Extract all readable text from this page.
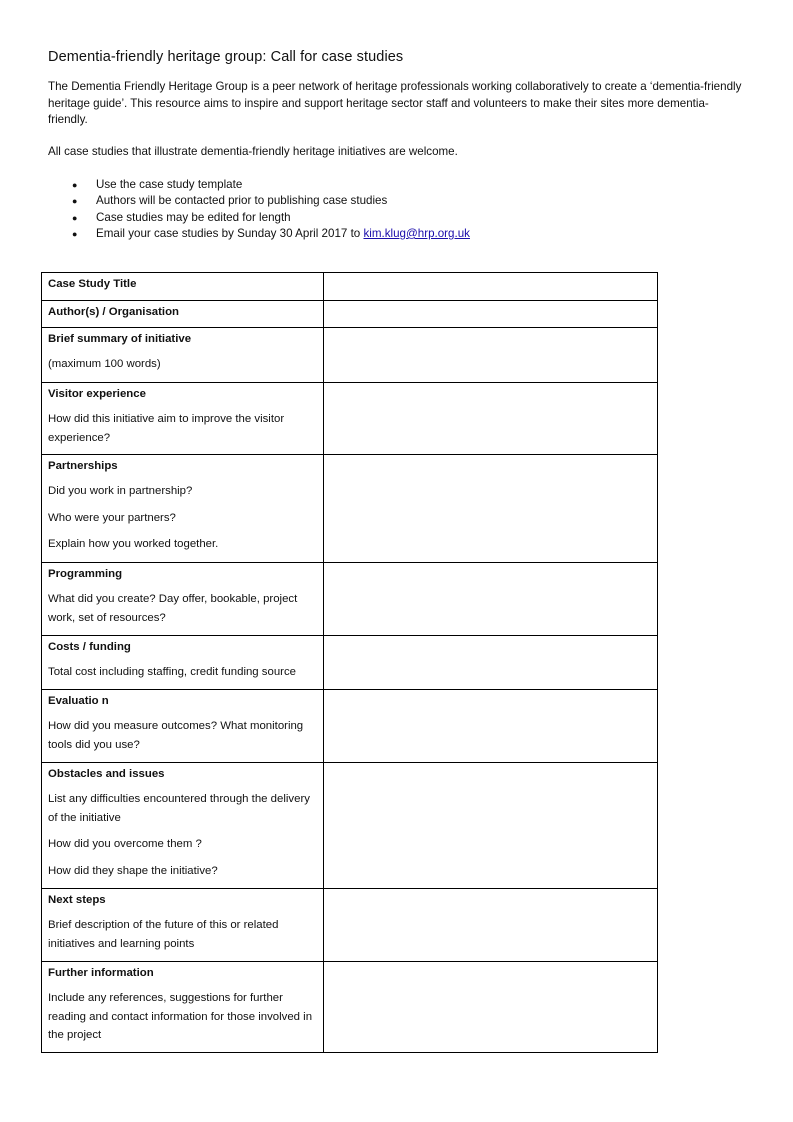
Dementia-friendly heritage group: Call for case studies
The Dementia Friendly Heritage Group is a peer network of heritage professionals working collaboratively to create a ‘dementia-friendly heritage guide’. This resource aims to inspire and support heritage sector staff and volunteers to make their sites more dementia-friendly.
All case studies that illustrate dementia-friendly heritage initiatives are welcome.
● Use the case study template
● Authors will be contacted prior to publishing case studies
● Case studies may be edited for length
● Email your case studies by Sunday 30 April 2017 to kim.klug@hrp.org.uk
Case Study Title	

Author(s) / Organisation	

Brief summary of initiative
(maximum 100 words)	

Visitor experience
How did this initiative aim to improve the visitor experience?	

Partnerships
Did you work in partnership?
Who were your partners?
Explain how you worked together.	

Programming
What did you create? Day offer, bookable, project work, set of resources?	

Costs / funding
Total cost including staffing, credit funding source	

Evaluatio n
How did you measure outcomes? What monitoring tools did you use?	

Obstacles and issues
List any difficulties encountered through the delivery of the initiative
How did you overcome them ?
How did they shape the initiative?	

Next steps
Brief description of the future of this or related initiatives and learning points	

Further information
Include any references, suggestions for further reading and contact information for those involved in the project	
